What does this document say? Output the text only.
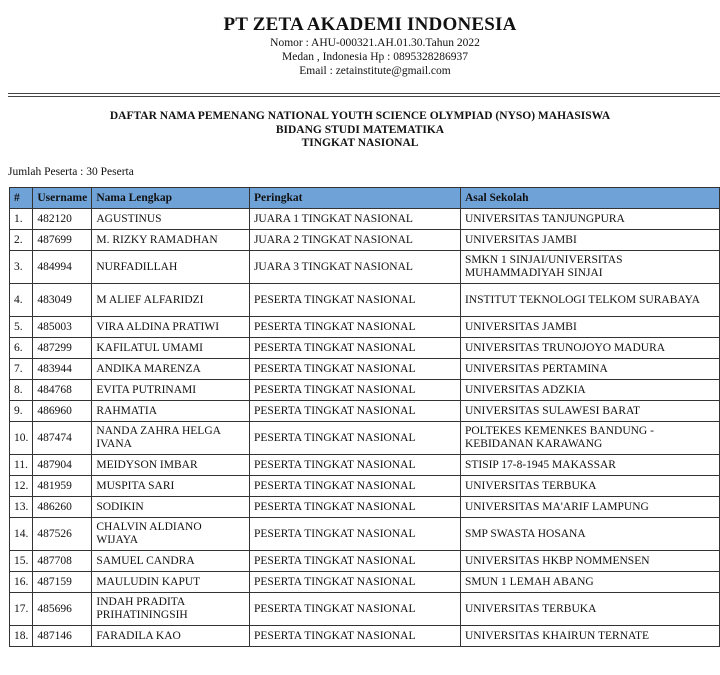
PT ZETA AKADEMI INDONESIA
Nomor : AHU-000321.AH.01.30.Tahun 2022
Medan , Indonesia Hp : 0895328286937
Email : zetainstitute@gmail.com
DAFTAR NAMA PEMENANG NATIONAL YOUTH SCIENCE OLYMPIAD (NYSO) MAHASISWA
BIDANG STUDI MATEMATIKA
TINGKAT NASIONAL
Jumlah Peserta : 30 Peserta
#	Username	Nama Lengkap	Peringkat	Asal Sekolah
1.	482120	AGUSTINUS	JUARA 1 TINGKAT NASIONAL	UNIVERSITAS TANJUNGPURA
2.	487699	M. RIZKY RAMADHAN	JUARA 2 TINGKAT NASIONAL	UNIVERSITAS JAMBI
3.	484994	NURFADILLAH	JUARA 3 TINGKAT NASIONAL	SMKN 1 SINJAI/UNIVERSITAS MUHAMMADIYAH SINJAI
4.	483049	M ALIEF ALFARIDZI	PESERTA TINGKAT NASIONAL	INSTITUT TEKNOLOGI TELKOM SURABAYA
5.	485003	VIRA ALDINA PRATIWI	PESERTA TINGKAT NASIONAL	UNIVERSITAS JAMBI
6.	487299	KAFILATUL UMAMI	PESERTA TINGKAT NASIONAL	UNIVERSITAS TRUNOJOYO MADURA
7.	483944	ANDIKA MARENZA	PESERTA TINGKAT NASIONAL	UNIVERSITAS PERTAMINA
8.	484768	EVITA PUTRINAMI	PESERTA TINGKAT NASIONAL	UNIVERSITAS ADZKIA
9.	486960	RAHMATIA	PESERTA TINGKAT NASIONAL	UNIVERSITAS SULAWESI BARAT
10.	487474	NANDA ZAHRA HELGA IVANA	PESERTA TINGKAT NASIONAL	POLTEKES KEMENKES BANDUNG - KEBIDANAN KARAWANG
11.	487904	MEIDYSON IMBAR	PESERTA TINGKAT NASIONAL	STISIP 17-8-1945 MAKASSAR
12.	481959	MUSPITA SARI	PESERTA TINGKAT NASIONAL	UNIVERSITAS TERBUKA
13.	486260	SODIKIN	PESERTA TINGKAT NASIONAL	UNIVERSITAS MA'ARIF LAMPUNG
14.	487526	CHALVIN ALDIANO WIJAYA	PESERTA TINGKAT NASIONAL	SMP SWASTA HOSANA
15.	487708	SAMUEL CANDRA	PESERTA TINGKAT NASIONAL	UNIVERSITAS HKBP NOMMENSEN
16.	487159	MAULUDIN KAPUT	PESERTA TINGKAT NASIONAL	SMUN 1 LEMAH ABANG
17.	485696	INDAH PRADITA PRIHATININGSIH	PESERTA TINGKAT NASIONAL	UNIVERSITAS TERBUKA
18.	487146	FARADILA KAO	PESERTA TINGKAT NASIONAL	UNIVERSITAS KHAIRUN TERNATE
